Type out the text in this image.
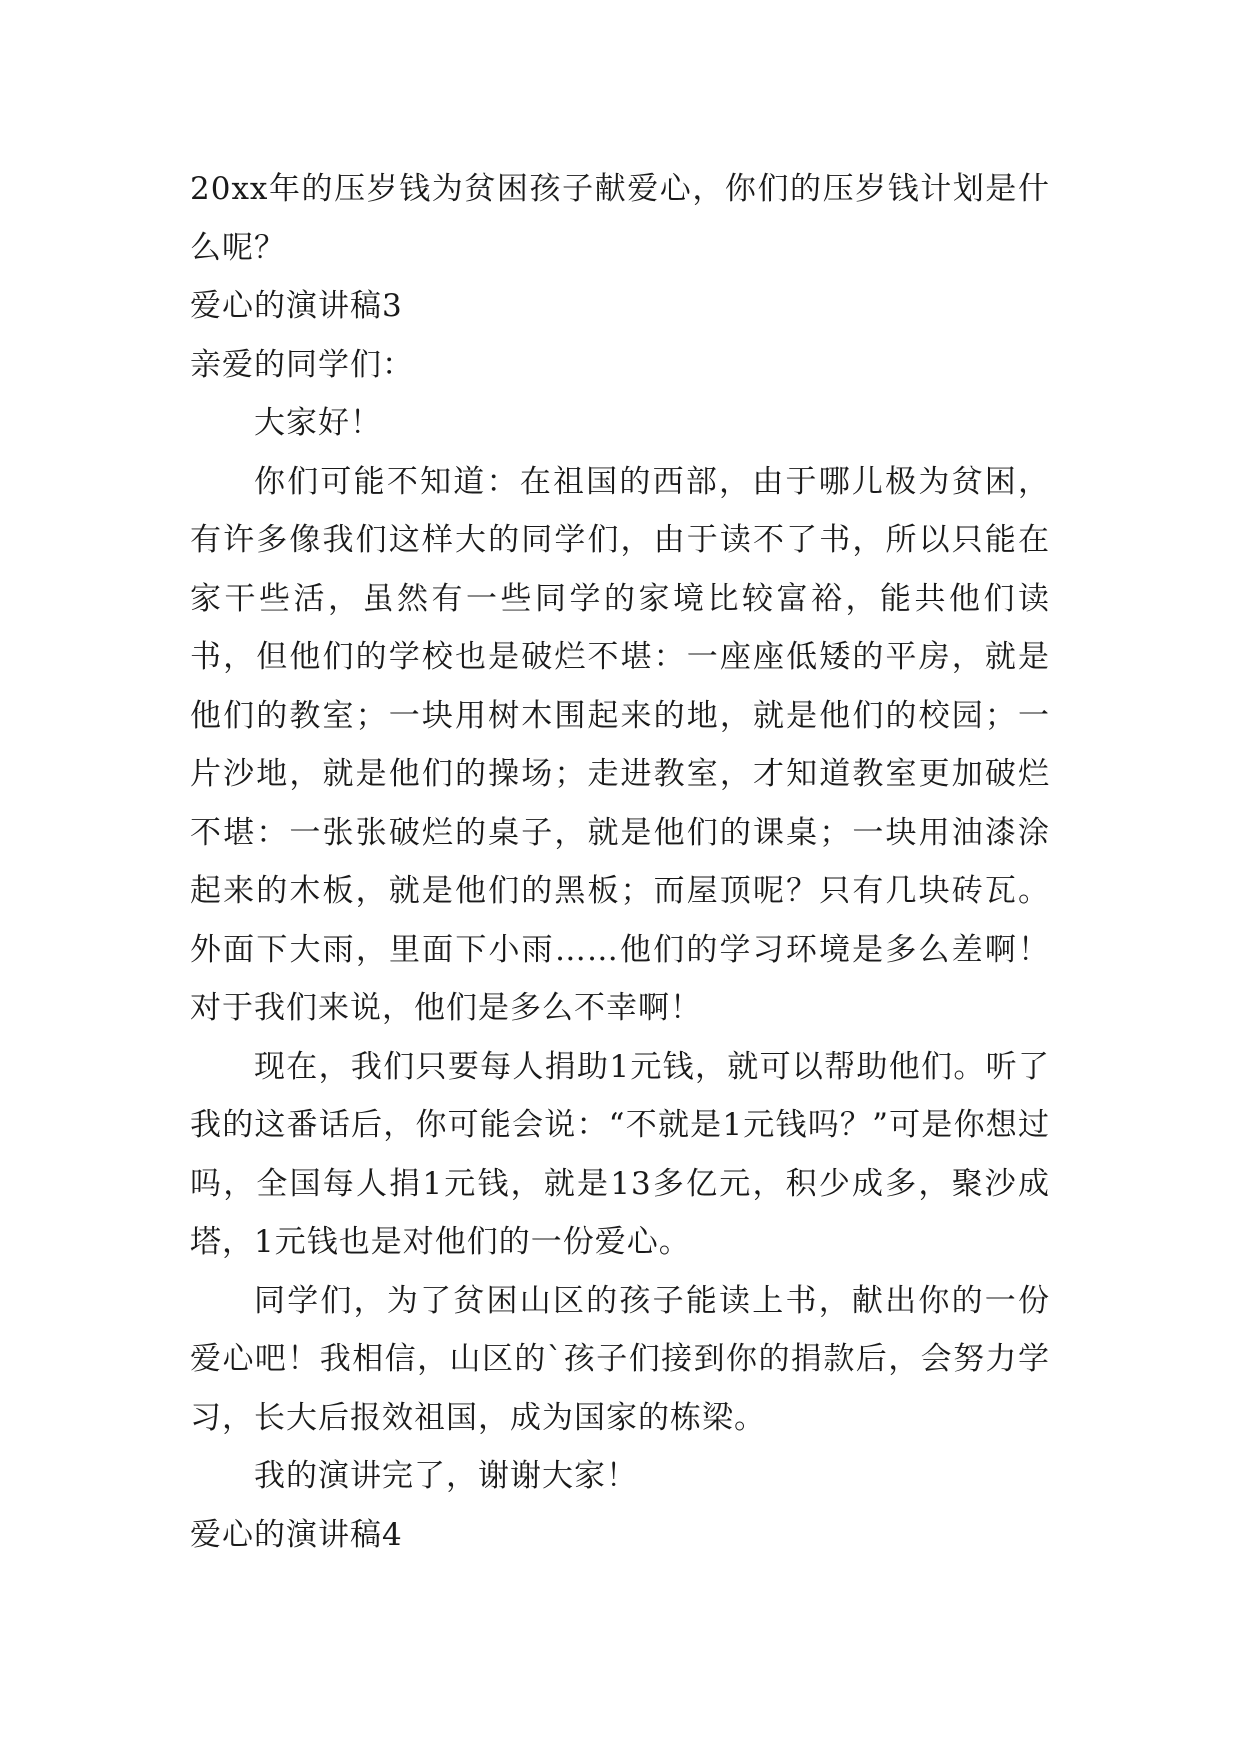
20xx年的压岁钱为贫困孩子献爱心，你们的压岁钱计划是什么呢？

爱心的演讲稿3

亲爱的同学们：

大家好！

你们可能不知道：在祖国的西部，由于哪儿极为贫困，有许多像我们这样大的同学们，由于读不了书，所以只能在家干些活，虽然有一些同学的家境比较富裕，能共他们读书，但他们的学校也是破烂不堪：一座座低矮的平房，就是他们的教室；一块用树木围起来的地，就是他们的校园；一片沙地，就是他们的操场；走进教室，才知道教室更加破烂不堪：一张张破烂的桌子，就是他们的课桌；一块用油漆涂起来的木板，就是他们的黑板；而屋顶呢？只有几块砖瓦。外面下大雨，里面下小雨……他们的学习环境是多么差啊！对于我们来说，他们是多么不幸啊！

现在，我们只要每人捐助1元钱，就可以帮助他们。听了我的这番话后，你可能会说：“不就是1元钱吗？”可是你想过吗，全国每人捐1元钱，就是13多亿元，积少成多，聚沙成塔，1元钱也是对他们的一份爱心。

同学们，为了贫困山区的孩子能读上书，献出你的一份爱心吧！我相信，山区的`孩子们接到你的捐款后，会努力学习，长大后报效祖国，成为国家的栋梁。

我的演讲完了，谢谢大家！

爱心的演讲稿4
